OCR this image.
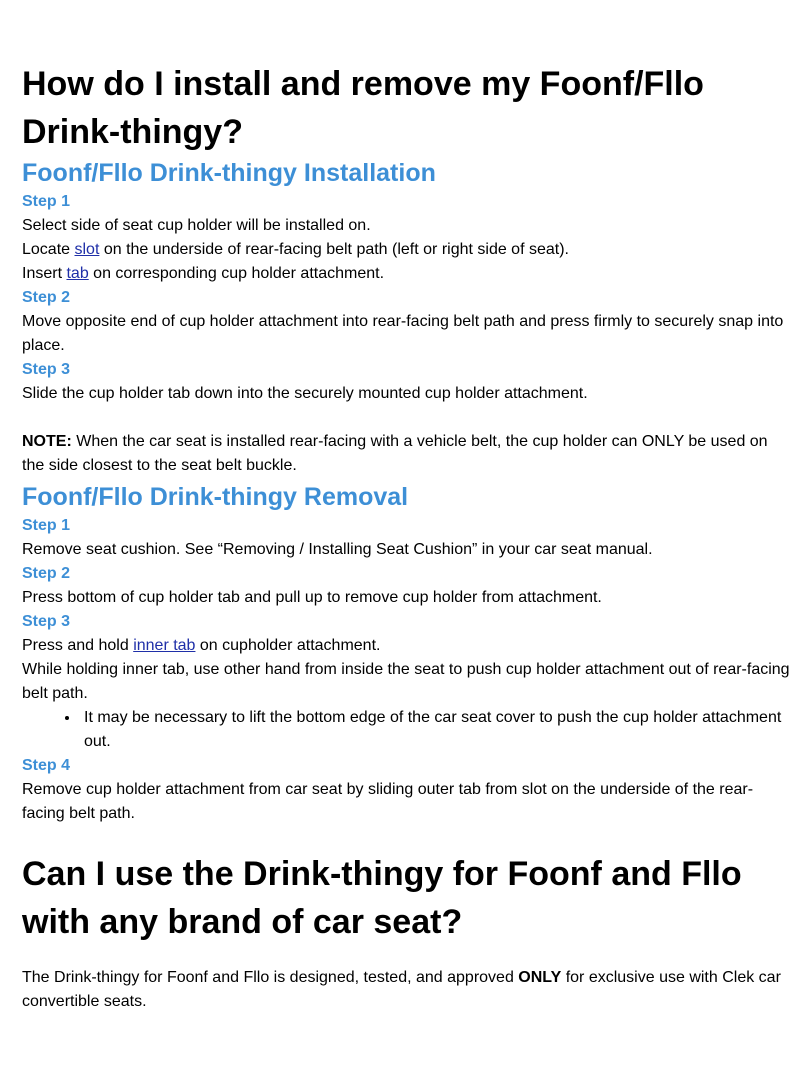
How do I install and remove my Foonf/Fllo Drink-thingy?
Foonf/Fllo Drink-thingy Installation
Step 1

Select side of seat cup holder will be installed on.

Locate slot on the underside of rear-facing belt path (left or right side of seat).

Insert tab on corresponding cup holder attachment.

Step 2

Move opposite end of cup holder attachment into rear-facing belt path and press firmly to securely snap into place.

Step 3

Slide the cup holder tab down into the securely mounted cup holder attachment.

NOTE: When the car seat is installed rear-facing with a vehicle belt, the cup holder can ONLY be used on the side closest to the seat belt buckle.

Foonf/Fllo Drink-thingy Removal
Step 1

Remove seat cushion. See “Removing / Installing Seat Cushion” in your car seat manual.

Step 2

Press bottom of cup holder tab and pull up to remove cup holder from attachment.

Step 3

Press and hold inner tab on cupholder attachment.

While holding inner tab, use other hand from inside the seat to push cup holder attachment out of rear-facing belt path.

• It may be necessary to lift the bottom edge of the car seat cover to push the cup holder attachment out.
Step 4

Remove cup holder attachment from car seat by sliding outer tab from slot on the underside of the rear-facing belt path.

Can I use the Drink-thingy for Foonf and Fllo with any brand of car seat?

The Drink-thingy for Foonf and Fllo is designed, tested, and approved ONLY for exclusive use with Clek car convertible seats.
